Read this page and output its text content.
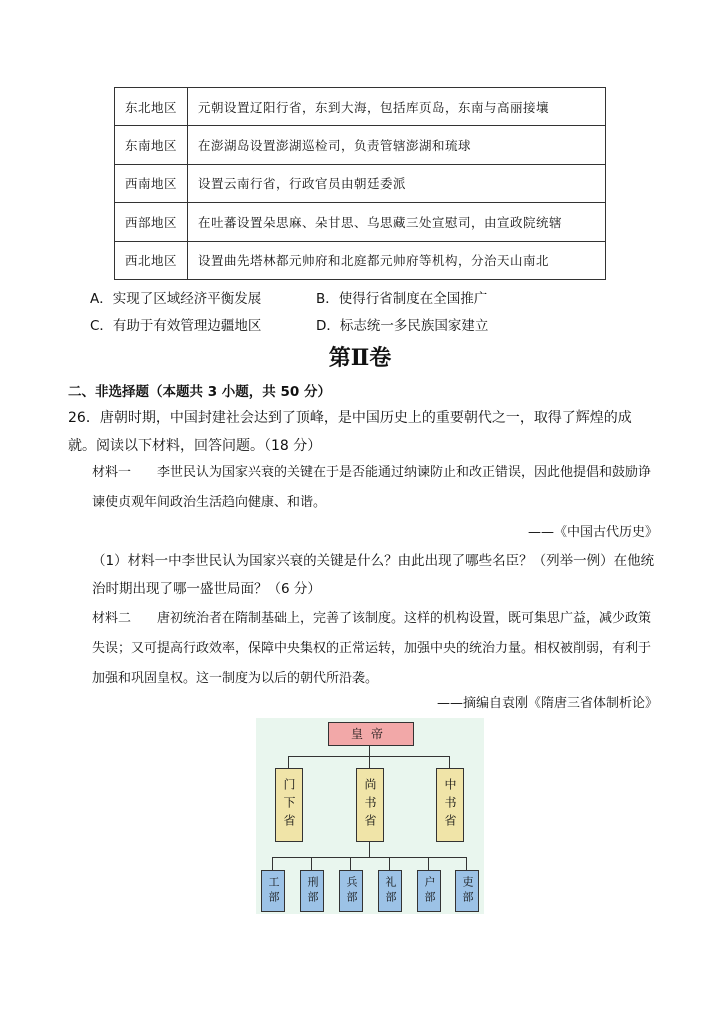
东北地区	元朝设置辽阳行省，东到大海，包括库页岛，东南与高丽接壤
东南地区	在澎湖岛设置澎湖巡检司，负责管辖澎湖和琉球
西南地区	设置云南行省，行政官员由朝廷委派
西部地区	在吐蕃设置朵思麻、朵甘思、乌思藏三处宣慰司，由宣政院统辖
西北地区	设置曲先塔林都元帅府和北庭都元帅府等机构，分治天山南北
A．实现了区域经济平衡发展	B．使得行省制度在全国推广
C．有助于有效管理边疆地区	D．标志统一多民族国家建立
第Ⅱ卷
二、非选择题（本题共 3 小题，共 50 分）
26．唐朝时期，中国封建社会达到了顶峰，是中国历史上的重要朝代之一，取得了辉煌的成就。阅读以下材料，回答问题。（18 分）
材料一　　李世民认为国家兴衰的关键在于是否能通过纳谏防止和改正错误，因此他提倡和鼓励诤谏使贞观年间政治生活趋向健康、和谐。
——《中国古代历史》
（1）材料一中李世民认为国家兴衰的关键是什么？由此出现了哪些名臣？（列举一例）在他统治时期出现了哪一盛世局面？（6 分）
材料二　　唐初统治者在隋制基础上，完善了该制度。这样的机构设置，既可集思广益，减少政策失误；又可提高行政效率，保障中央集权的正常运转，加强中央的统治力量。相权被削弱，有利于加强和巩固皇权。这一制度为以后的朝代所沿袭。
——摘编自袁刚《隋唐三省体制析论》
皇帝
门下省	尚书省	中书省
工部	刑部	兵部	礼部	户部	吏部
